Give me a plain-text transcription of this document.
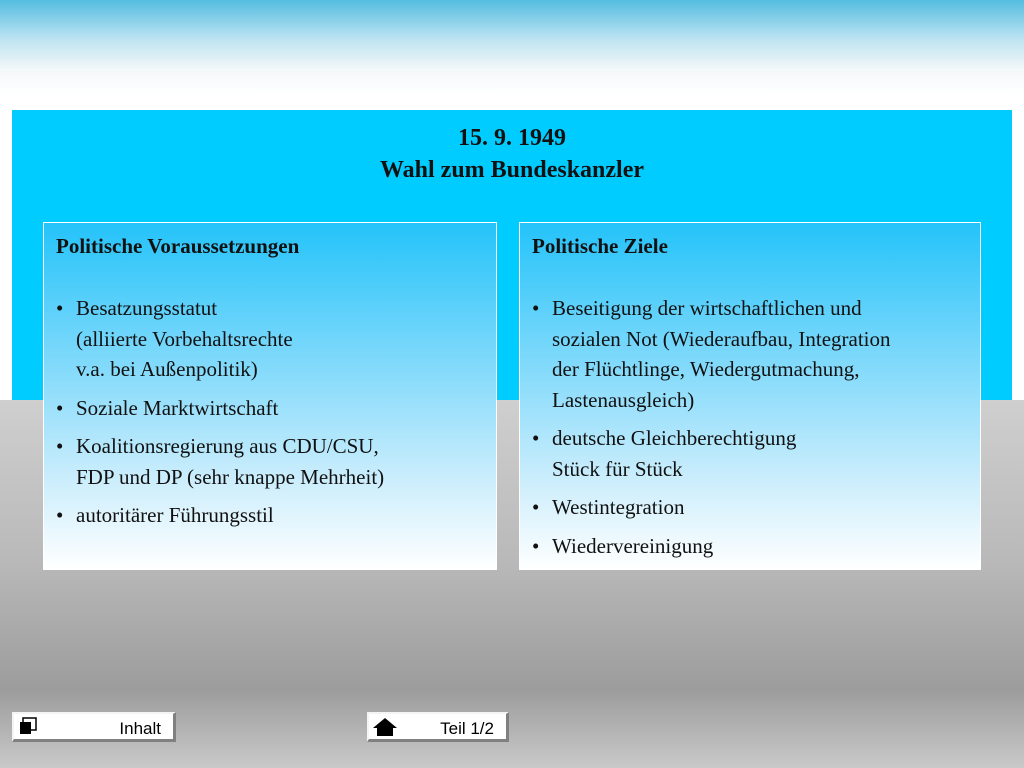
15. 9. 1949
Wahl zum Bundeskanzler
Politische Voraussetzungen
• Besatzungsstatut
(alliierte Vorbehaltsrechte
v.a. bei Außenpolitik)
• Soziale Marktwirtschaft
• Koalitionsregierung aus CDU/CSU,
FDP und DP (sehr knappe Mehrheit)
• autoritärer Führungsstil
Politische Ziele
• Beseitigung der wirtschaftlichen und
sozialen Not (Wiederaufbau, Integration
der Flüchtlinge, Wiedergutmachung,
Lastenausgleich)
• deutsche Gleichberechtigung
Stück für Stück
• Westintegration
• Wiedervereinigung
Inhalt	Teil 1/2
